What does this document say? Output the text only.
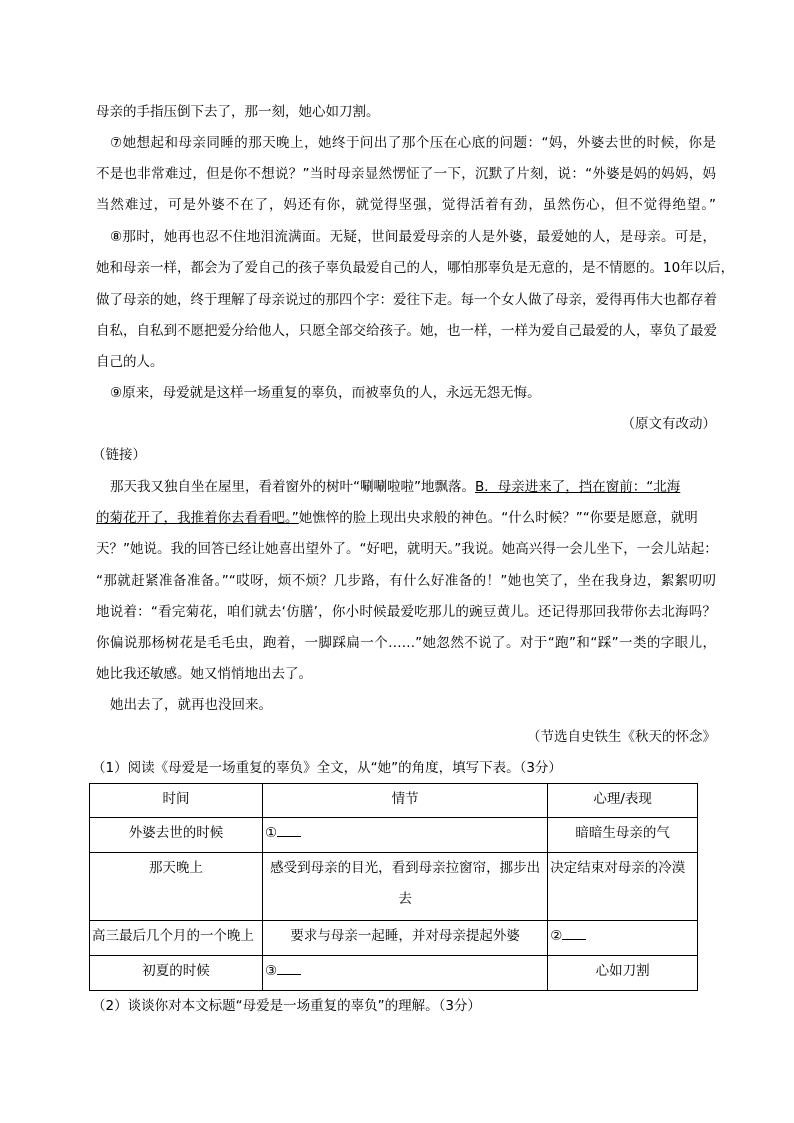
母亲的手指压倒下去了，那一刻，她心如刀割。
⑦她想起和母亲同睡的那天晚上，她终于问出了那个压在心底的问题：“妈，外婆去世的时候，你是
不是也非常难过，但是你不想说？”当时母亲显然愣怔了一下，沉默了片刻，说：“外婆是妈的妈妈，妈
当然难过，可是外婆不在了，妈还有你，就觉得坚强，觉得活着有劲，虽然伤心，但不觉得绝望。”
⑧那时，她再也忍不住地泪流满面。无疑，世间最爱母亲的人是外婆，最爱她的人，是母亲。可是，
她和母亲一样，都会为了爱自己的孩子辜负最爱自己的人，哪怕那辜负是无意的，是不情愿的。10年以后，
做了母亲的她，终于理解了母亲说过的那四个字：爱往下走。每一个女人做了母亲，爱得再伟大也都存着
自私，自私到不愿把爱分给他人，只愿全部交给孩子。她，也一样，一样为爱自己最爱的人，辜负了最爱
自己的人。
⑨原来，母爱就是这样一场重复的辜负，而被辜负的人，永远无怨无悔。
（原文有改动）
（链接）
那天我又独自坐在屋里，看着窗外的树叶“唰唰啦啦”地飘落。B．母亲进来了，挡在窗前：“北海
的菊花开了，我推着你去看看吧。”她憔悴的脸上现出央求般的神色。“什么时候？”“你要是愿意，就明
天？”她说。我的回答已经让她喜出望外了。“好吧，就明天。”我说。她高兴得一会儿坐下，一会儿站起：
“那就赶紧准备准备。”“哎呀，烦不烦？几步路，有什么好准备的！”她也笑了，坐在我身边，絮絮叨叨
地说着：“看完菊花，咱们就去‘仿膳’，你小时候最爱吃那儿的豌豆黄儿。还记得那回我带你去北海吗？
你偏说那杨树花是毛毛虫，跑着，一脚踩扁一个……”她忽然不说了。对于“跑”和“踩”一类的字眼儿，
她比我还敏感。她又悄悄地出去了。
她出去了，就再也没回来。
（节选自史铁生《秋天的怀念》
（1）阅读《母爱是一场重复的辜负》全文，从“她”的角度，填写下表。（3分）
时间	情节	心理/表现
外婆去世的时候	①	暗暗生母亲的气
那天晚上	感受到母亲的目光，看到母亲拉窗帘，挪步出去	决定结束对母亲的冷漠
高三最后几个月的一个晚上	要求与母亲一起睡，并对母亲提起外婆	②
初夏的时候	③	心如刀割
（2）谈谈你对本文标题“母爱是一场重复的辜负”的理解。（3分）
